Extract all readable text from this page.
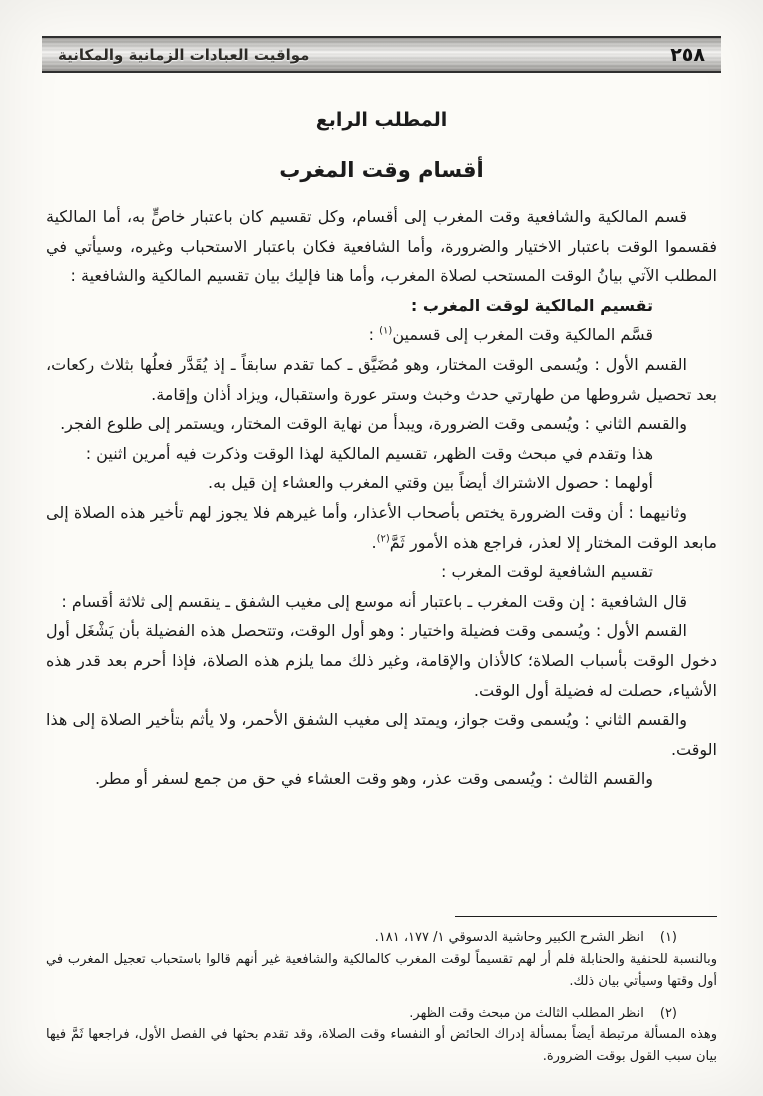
مواقيت العبادات الزمانية والمكانية	٢٥٨
المطلب الرابع
أقسام وقت المغرب

قسم المالكية والشافعية وقت المغرب إلى أقسام، وكل تقسيم كان باعتبار خاصٍّ به، أما المالكية فقسموا الوقت باعتبار الاختيار والضرورة، وأما الشافعية فكان باعتبار الاستحباب وغيره، وسيأتي في المطلب الآتي بيانُ الوقت المستحب لصلاة المغرب، وأما هنا فإليك بيان تقسيم المالكية والشافعية :

تقسيم المالكية لوقت المغرب :

قسَّم المالكية وقت المغرب إلى قسمين$^{(١)}$ :

القسم الأول : ويُسمى الوقت المختار، وهو مُضَيَّق ـ كما تقدم سابقاً ـ إذ يُقَدَّر فعلُها بثلاث ركعات، بعد تحصيل شروطها من طهارتي حدث وخبث وستر عورة واستقبال، ويزاد أذان وإقامة.

والقسم الثاني : ويُسمى وقت الضرورة، ويبدأ من نهاية الوقت المختار، ويستمر إلى طلوع الفجر.

هذا وتقدم في مبحث وقت الظهر، تقسيم المالكية لهذا الوقت وذكرت فيه أمرين اثنين :

أولهما : حصول الاشتراك أيضاً بين وقتي المغرب والعشاء إن قيل به.

وثانيهما : أن وقت الضرورة يختص بأصحاب الأعذار، وأما غيرهم فلا يجوز لهم تأخير هذه الصلاة إلى مابعد الوقت المختار إلا لعذر، فراجع هذه الأمور ثَمَّ$^{(٢)}$.

تقسيم الشافعية لوقت المغرب :

قال الشافعية : إن وقت المغرب ـ باعتبار أنه موسع إلى مغيب الشفق ـ ينقسم إلى ثلاثة أقسام :

القسم الأول : ويُسمى وقت فضيلة واختيار : وهو أول الوقت، وتتحصل هذه الفضيلة بأن يَشْغَل أول دخول الوقت بأسباب الصلاة؛ كالأذان والإقامة، وغير ذلك مما يلزم هذه الصلاة، فإذا أحرم بعد قدر هذه الأشياء، حصلت له فضيلة أول الوقت.

والقسم الثاني : ويُسمى وقت جواز، ويمتد إلى مغيب الشفق الأحمر، ولا يأثم بتأخير الصلاة إلى هذا الوقت.

والقسم الثالث : ويُسمى وقت عذر، وهو وقت العشاء في حق من جمع لسفر أو مطر.

(١)انظر الشرح الكبير وحاشية الدسوقي ١/ ١٧٧، ١٨١.

وبالنسبة للحنفية والحنابلة فلم أر لهم تقسيماً لوقت المغرب كالمالكية والشافعية غير أنهم قالوا باستحباب تعجيل المغرب في أول وقتها وسيأتي بيان ذلك.

(٢)انظر المطلب الثالث من مبحث وقت الظهر.

وهذه المسألة مرتبطة أيضاً بمسألة إدراك الحائض أو النفساء وقت الصلاة، وقد تقدم بحثها في الفصل الأول، فراجعها ثَمَّ فيها بيان سبب القول بوقت الضرورة.
